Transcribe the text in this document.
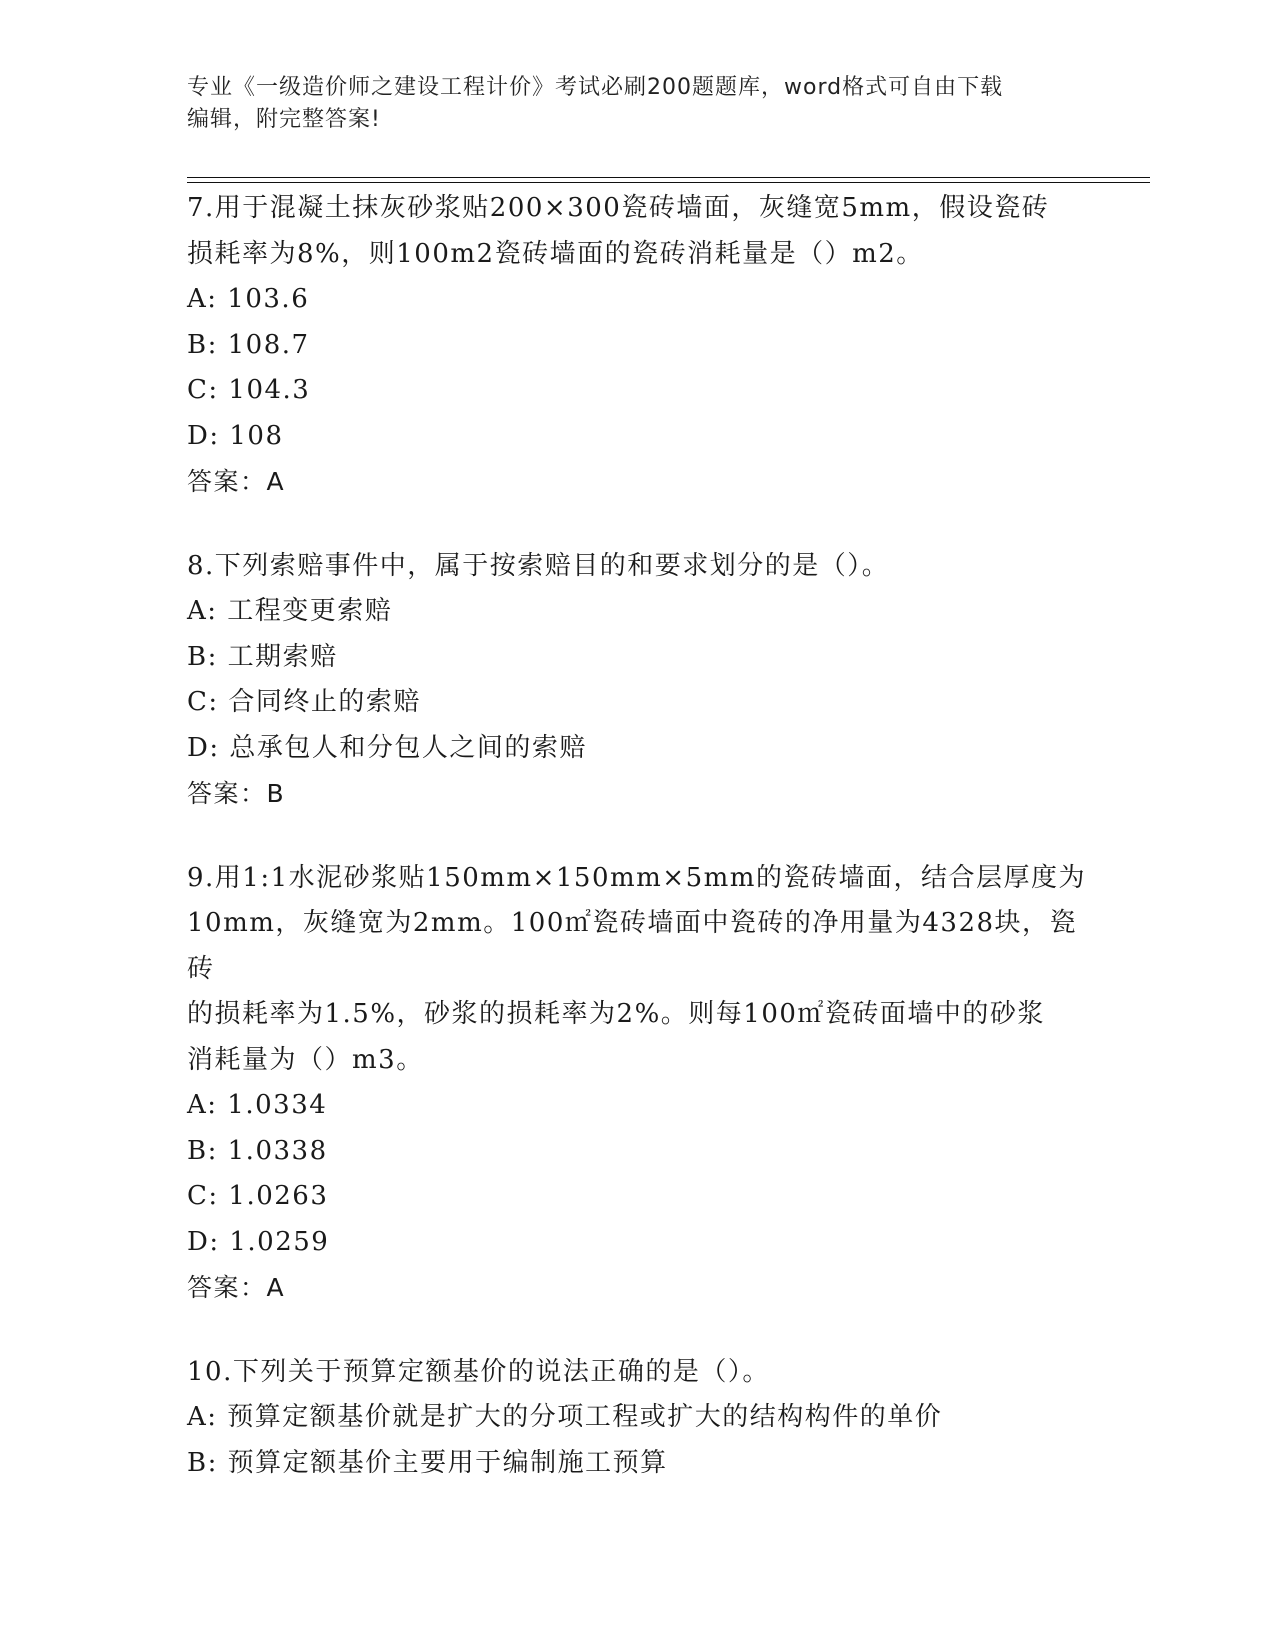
专业《一级造价师之建设工程计价》考试必刷200题题库，word格式可自由下载
编辑，附完整答案!

7.用于混凝土抹灰砂浆贴200×300瓷砖墙面，灰缝宽5mm，假设瓷砖

损耗率为8%，则100m2瓷砖墙面的瓷砖消耗量是（）m2。

A: 103.6

B: 108.7

C: 104.3

D: 108

答案：A

8.下列索赔事件中，属于按索赔目的和要求划分的是（）。

A: 工程变更索赔

B: 工期索赔

C: 合同终止的索赔

D: 总承包人和分包人之间的索赔

答案：B

9.用1:1水泥砂浆贴150mm×150mm×5mm的瓷砖墙面，结合层厚度为

10mm，灰缝宽为2mm。100㎡瓷砖墙面中瓷砖的净用量为4328块，瓷砖

的损耗率为1.5%，砂浆的损耗率为2%。则每100㎡瓷砖面墙中的砂浆

消耗量为（）m3。

A: 1.0334

B: 1.0338

C: 1.0263

D: 1.0259

答案：A

10.下列关于预算定额基价的说法正确的是（）。

A: 预算定额基价就是扩大的分项工程或扩大的结构构件的单价

B: 预算定额基价主要用于编制施工预算
